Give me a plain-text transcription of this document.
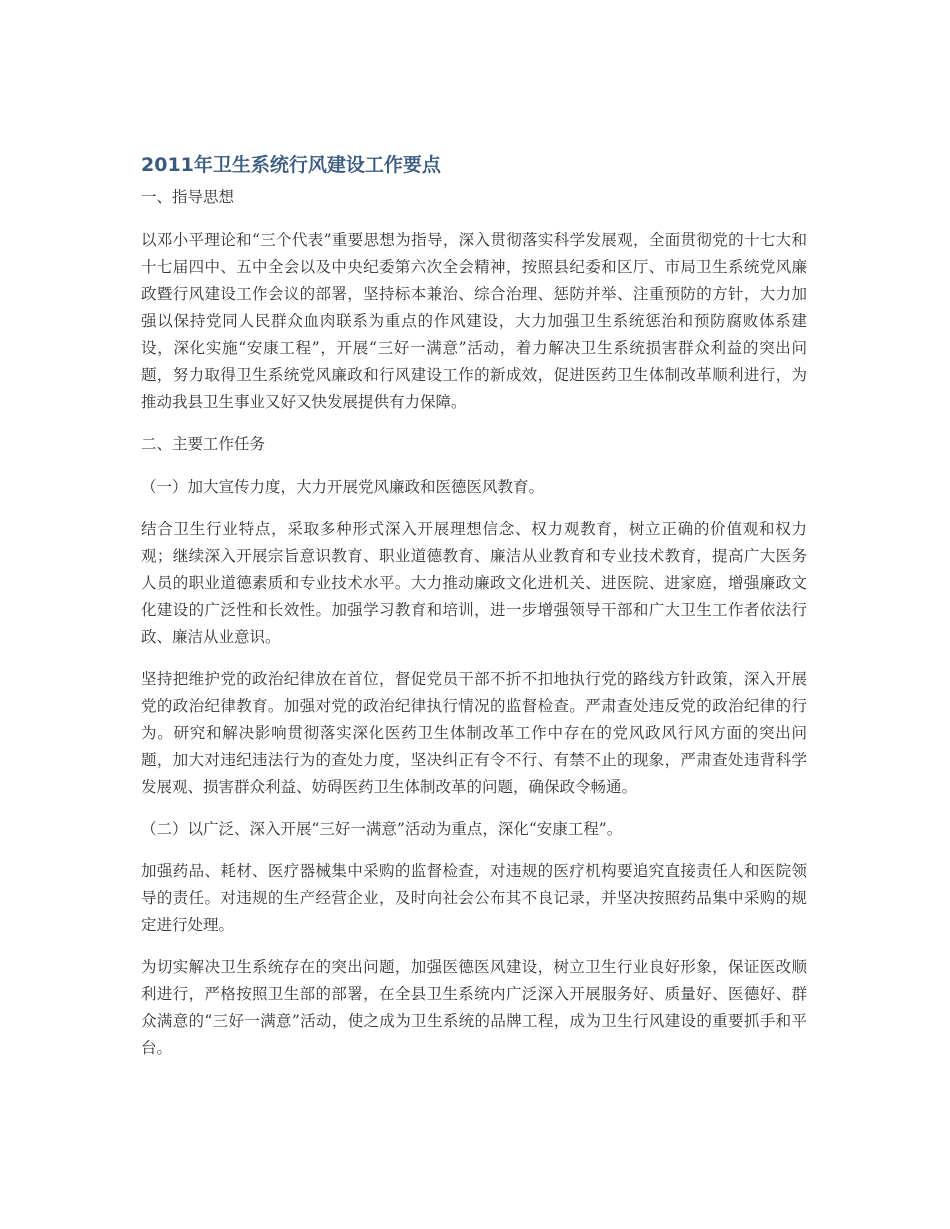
2011年卫生系统行风建设工作要点
一、指导思想
以邓小平理论和“三个代表”重要思想为指导，深入贯彻落实科学发展观，全面贯彻党的十七大和十七届四中、五中全会以及中央纪委第六次全会精神，按照县纪委和区厅、市局卫生系统党风廉政暨行风建设工作会议的部署，坚持标本兼治、综合治理、惩防并举、注重预防的方针，大力加强以保持党同人民群众血肉联系为重点的作风建设，大力加强卫生系统惩治和预防腐败体系建设，深化实施“安康工程”，开展“三好一满意”活动，着力解决卫生系统损害群众利益的突出问题，努力取得卫生系统党风廉政和行风建设工作的新成效，促进医药卫生体制改革顺利进行，为推动我县卫生事业又好又快发展提供有力保障。
二、主要工作任务
（一）加大宣传力度，大力开展党风廉政和医德医风教育。
结合卫生行业特点，采取多种形式深入开展理想信念、权力观教育，树立正确的价值观和权力观；继续深入开展宗旨意识教育、职业道德教育、廉洁从业教育和专业技术教育，提高广大医务人员的职业道德素质和专业技术水平。大力推动廉政文化进机关、进医院、进家庭，增强廉政文化建设的广泛性和长效性。加强学习教育和培训，进一步增强领导干部和广大卫生工作者依法行政、廉洁从业意识。
坚持把维护党的政治纪律放在首位，督促党员干部不折不扣地执行党的路线方针政策，深入开展党的政治纪律教育。加强对党的政治纪律执行情况的监督检查。严肃查处违反党的政治纪律的行为。研究和解决影响贯彻落实深化医药卫生体制改革工作中存在的党风政风行风方面的突出问题，加大对违纪违法行为的查处力度，坚决纠正有令不行、有禁不止的现象，严肃查处违背科学发展观、损害群众利益、妨碍医药卫生体制改革的问题，确保政令畅通。
（二）以广泛、深入开展“三好一满意”活动为重点，深化“安康工程”。
加强药品、耗材、医疗器械集中采购的监督检查，对违规的医疗机构要追究直接责任人和医院领导的责任。对违规的生产经营企业，及时向社会公布其不良记录，并坚决按照药品集中采购的规定进行处理。
为切实解决卫生系统存在的突出问题，加强医德医风建设，树立卫生行业良好形象，保证医改顺利进行，严格按照卫生部的部署，在全县卫生系统内广泛深入开展服务好、质量好、医德好、群众满意的“三好一满意”活动，使之成为卫生系统的品牌工程，成为卫生行风建设的重要抓手和平台。
